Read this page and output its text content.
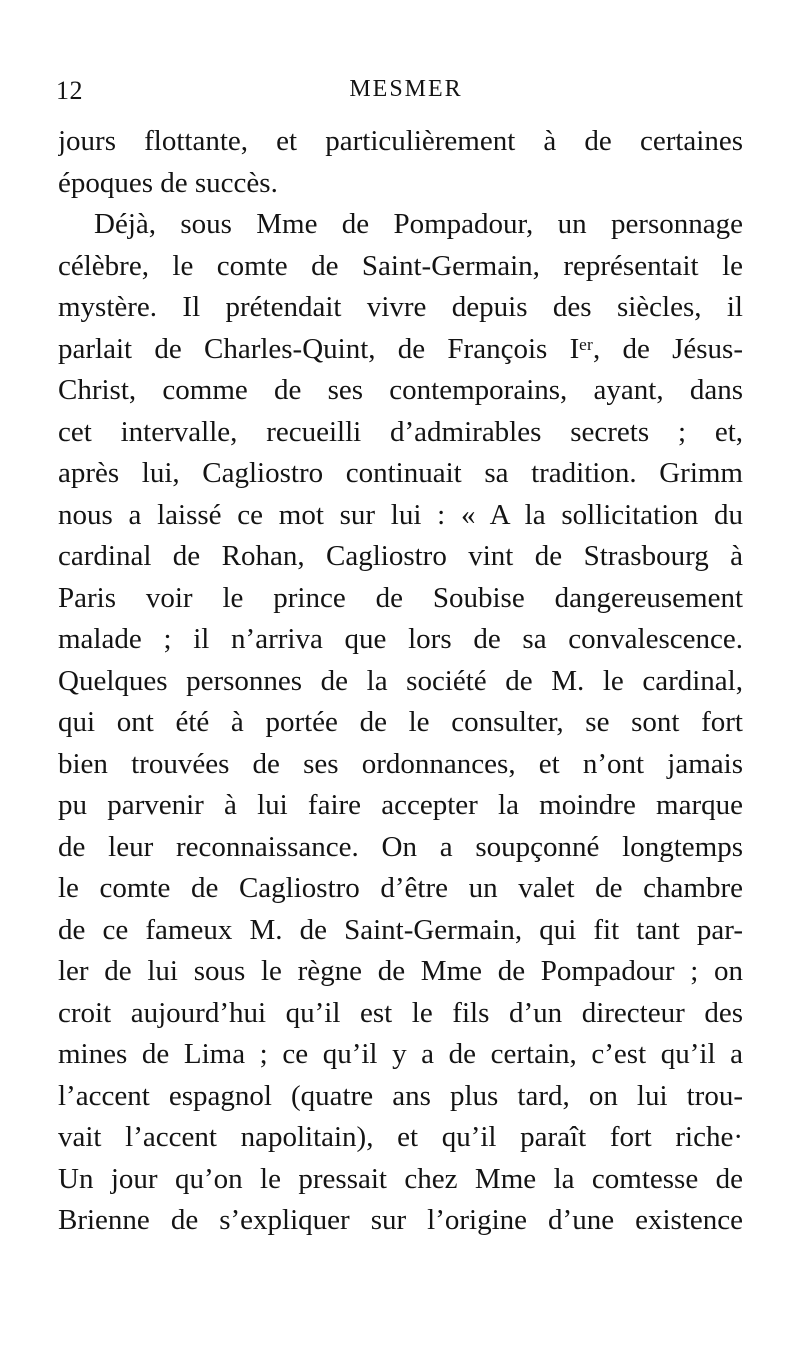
12	MESMER
jours flottante, et particulièrement à de certaines
époques de succès.
Déjà, sous Mme de Pompadour, un personnage
célèbre, le comte de Saint-Germain, représentait le
mystère. Il prétendait vivre depuis des siècles, il
parlait de Charles-Quint, de François Iᵉʳ, de Jésus-
Christ, comme de ses contemporains, ayant, dans
cet intervalle, recueilli d’admirables secrets ; et,
après lui, Cagliostro continuait sa tradition. Grimm
nous a laissé ce mot sur lui : « A la sollicitation du
cardinal de Rohan, Cagliostro vint de Strasbourg à
Paris voir le prince de Soubise dangereusement
malade ; il n’arriva que lors de sa convalescence.
Quelques personnes de la société de M. le cardinal,
qui ont été à portée de le consulter, se sont fort
bien trouvées de ses ordonnances, et n’ont jamais
pu parvenir à lui faire accepter la moindre marque
de leur reconnaissance. On a soupçonné longtemps
le comte de Cagliostro d’être un valet de chambre
de ce fameux M. de Saint-Germain, qui fit tant par-
ler de lui sous le règne de Mme de Pompadour ; on
croit aujourd’hui qu’il est le fils d’un directeur des
mines de Lima ; ce qu’il y a de certain, c’est qu’il a
l’accent espagnol (quatre ans plus tard, on lui trou-
vait l’accent napolitain), et qu’il paraît fort riche·
Un jour qu’on le pressait chez Mme la comtesse de
Brienne de s’expliquer sur l’origine d’une existence
